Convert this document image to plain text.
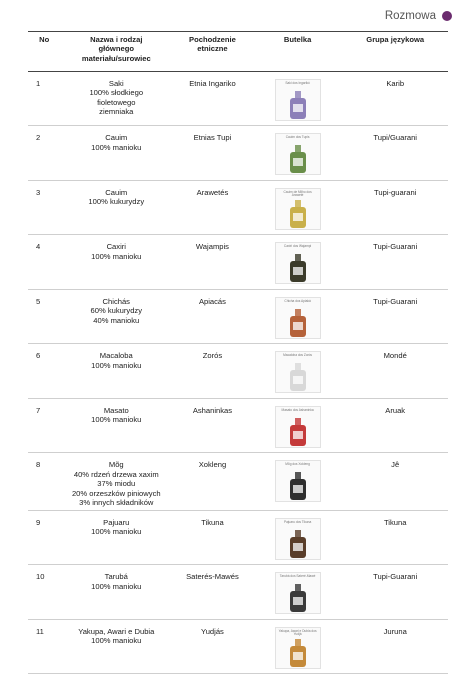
Rozmowa
No	Nazwa i rodzaj
głównego
materiału/surowiec	Pochodzenie
etniczne	Butelka	Grupa językowa
1	Saki
100% słodkiego
fioletowego
ziemniaka	Etnia Ingariko	Saki dos Ingarikó	Karib
2	Cauim
100% manioku	Etnias Tupi	Cauim dos Tupis	Tupi/Guarani
3	Cauim
100% kukurydzy	Arawetés	Cauim de Milho dos Araweté	Tupi-guarani
4	Caxiri
100% manioku	Wajampis	Caxiri dos Wajampi	Tupi-Guarani
5	Chichás
60% kukurydzy
40% manioku	Apiacás	Chicha dos Apiaká	Tupi-Guarani
6	Macaloba
100% manioku	Zorós	Macaloba dos Zorós	Mondé
7	Masato
100% manioku	Ashaninkas	Masato dos Ashaninka	Aruak
8	Mõg
40% rdzeń drzewa xaxim
37% miodu
20% orzeszków piniowych
3% innych składników	Xokleng	Mõg dos Xokleng	Jê
9	Pajuaru
100% manioku	Tikuna	Pajuaru dos Tikuna	Tikuna
10	Tarubá
100% manioku	Saterés-Mawés	Tarubá dos Sateré-Mawé	Tupi-Guarani
11	Yakupa, Awari e Dubia
100% manioku	Yudjás	Yakupa, Awari e Dubia dos Yudjá	Juruna
